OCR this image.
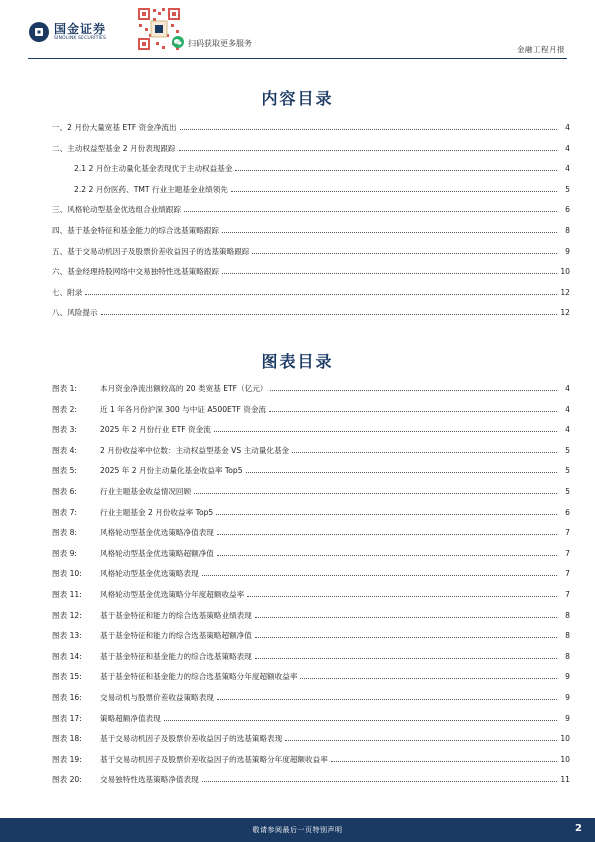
国金证券
SINOLINK SECURITIES
扫码获取更多服务
金融工程月报
内容目录
一、2 月份大量宽基 ETF 资金净流出	4
二、主动权益型基金 2 月份表现跟踪	4
2.1 2 月份主动量化基金表现优于主动权益基金	4
2.2 2 月份医药、TMT 行业主题基金业绩领先	5
三、风格轮动型基金优选组合业绩跟踪	6
四、基于基金特征和基金能力的综合选基策略跟踪	8
五、基于交易动机因子及股票价差收益因子的选基策略跟踪	9
六、基金经理持股网络中交易独特性选基策略跟踪	10
七、附录	12
八、风险提示	12
图表目录
图表 1:	本月资金净流出额较高的 20 类宽基 ETF（亿元）	4
图表 2:	近 1 年各月份沪深 300 与中证 A500ETF 资金流	4
图表 3:	2025 年 2 月份行业 ETF 资金流	4
图表 4:	2 月份收益率中位数：主动权益型基金 VS 主动量化基金	5
图表 5:	2025 年 2 月份主动量化基金收益率 Top5	5
图表 6:	行业主题基金收益情况回顾	5
图表 7:	行业主题基金 2 月份收益率 Top5	6
图表 8:	风格轮动型基金优选策略净值表现	7
图表 9:	风格轮动型基金优选策略超额净值	7
图表 10: 风格轮动型基金优选策略表现	7
图表 11: 风格轮动型基金优选策略分年度超额收益率	7
图表 12: 基于基金特征和能力的综合选基策略业绩表现	8
图表 13: 基于基金特征和能力的综合选基策略超额净值	8
图表 14: 基于基金特征和基金能力的综合选基策略表现	8
图表 15: 基于基金特征和基金能力的综合选基策略分年度超额收益率	9
图表 16: 交易动机与股票价差收益策略表现	9
图表 17: 策略超额净值表现	9
图表 18: 基于交易动机因子及股票价差收益因子的选基策略表现	10
图表 19: 基于交易动机因子及股票价差收益因子的选基策略分年度超额收益率	10
图表 20: 交易独特性选基策略净值表现	11
敬请参阅最后一页特别声明	2
